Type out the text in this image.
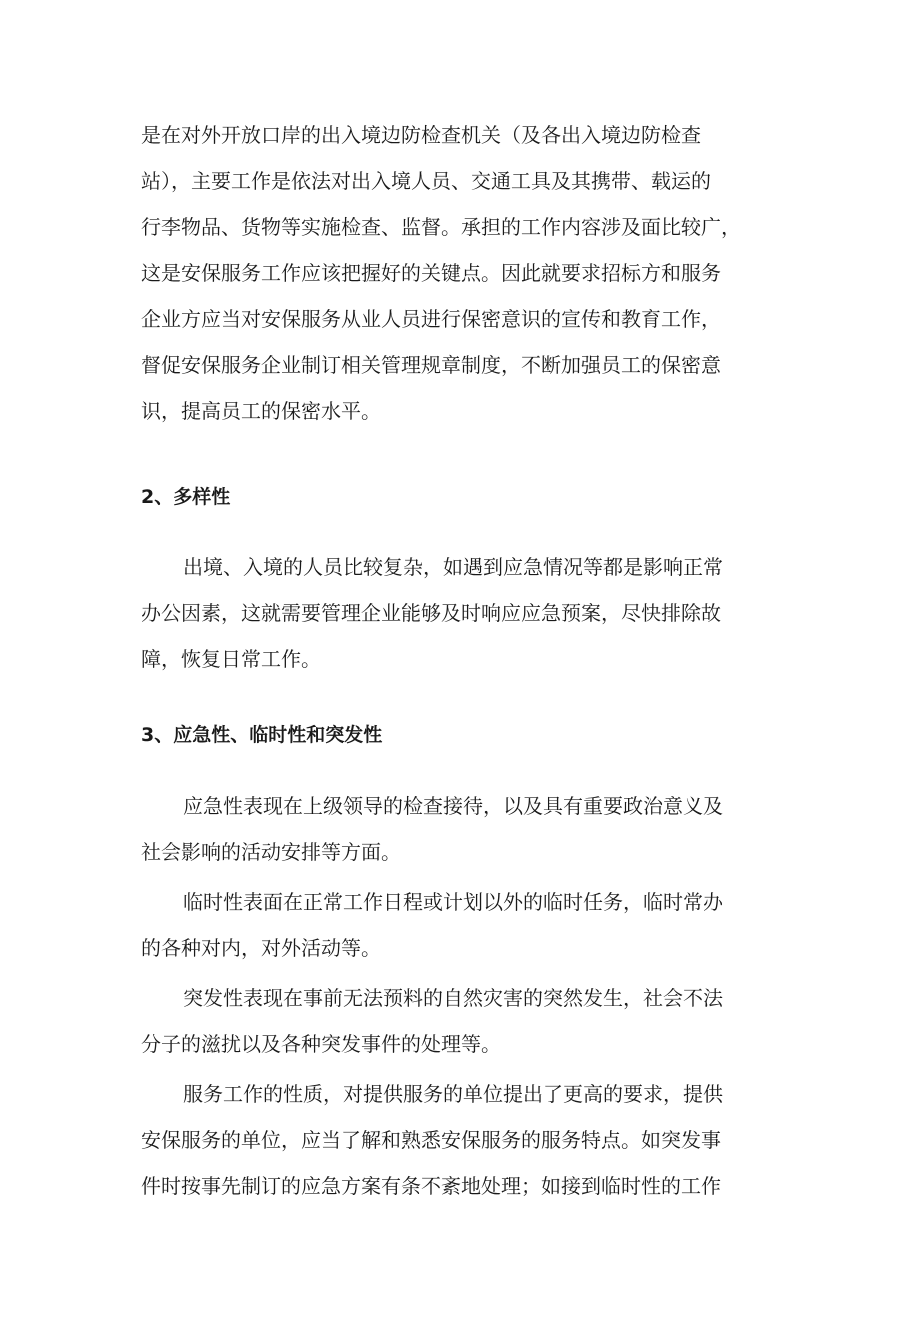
是在对外开放口岸的出入境边防检查机关（及各出入境边防检查
站），主要工作是依法对出入境人员、交通工具及其携带、载运的
行李物品、货物等实施检查、监督。承担的工作内容涉及面比较广，
这是安保服务工作应该把握好的关键点。因此就要求招标方和服务
企业方应当对安保服务从业人员进行保密意识的宣传和教育工作，
督促安保服务企业制订相关管理规章制度，不断加强员工的保密意
识，提高员工的保密水平。
2、多样性
出境、入境的人员比较复杂，如遇到应急情况等都是影响正常
办公因素，这就需要管理企业能够及时响应应急预案，尽快排除故
障，恢复日常工作。
3、应急性、临时性和突发性
应急性表现在上级领导的检查接待，以及具有重要政治意义及
社会影响的活动安排等方面。
临时性表面在正常工作日程或计划以外的临时任务，临时常办
的各种对内，对外活动等。
突发性表现在事前无法预料的自然灾害的突然发生，社会不法
分子的滋扰以及各种突发事件的处理等。
服务工作的性质，对提供服务的单位提出了更高的要求，提供
安保服务的单位，应当了解和熟悉安保服务的服务特点。如突发事
件时按事先制订的应急方案有条不紊地处理；如接到临时性的工作
